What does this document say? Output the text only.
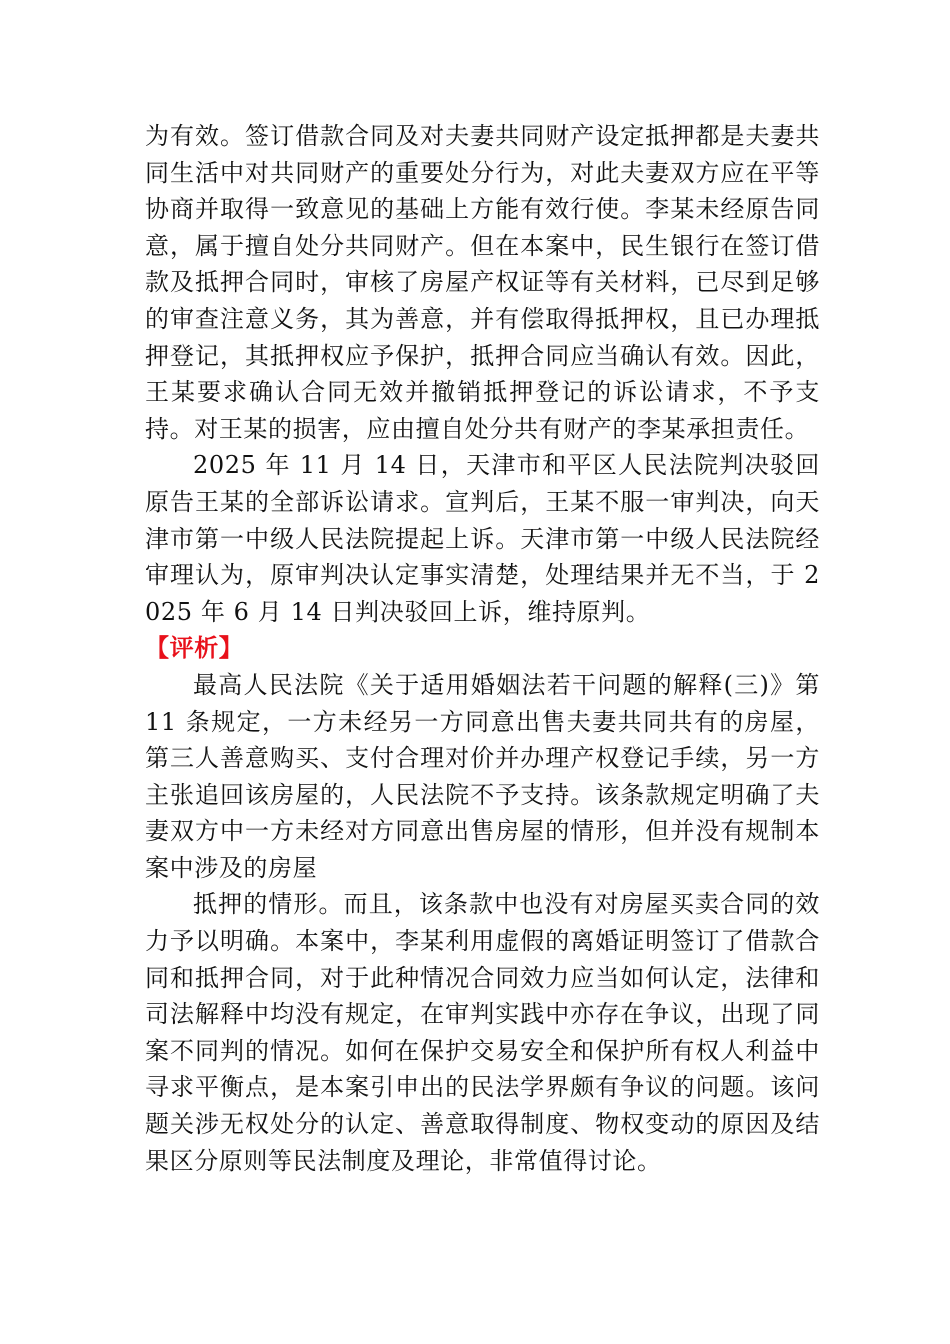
为有效。签订借款合同及对夫妻共同财产设定抵押都是夫妻共同生活中对共同财产的重要处分行为，对此夫妻双方应在平等协商并取得一致意见的基础上方能有效行使。李某未经原告同意，属于擅自处分共同财产。但在本案中，民生银行在签订借款及抵押合同时，审核了房屋产权证等有关材料，已尽到足够的审查注意义务，其为善意，并有偿取得抵押权，且已办理抵押登记，其抵押权应予保护，抵押合同应当确认有效。因此，王某要求确认合同无效并撤销抵押登记的诉讼请求，不予支持。对王某的损害，应由擅自处分共有财产的李某承担责任。

2025 年 11 月 14 日，天津市和平区人民法院判决驳回原告王某的全部诉讼请求。宣判后，王某不服一审判决，向天津市第一中级人民法院提起上诉。天津市第一中级人民法院经审理认为，原审判决认定事实清楚，处理结果并无不当，于 2025 年 6 月 14 日判决驳回上诉，维持原判。

【评析】

最高人民法院《关于适用婚姻法若干问题的解释(三)》第 11 条规定，一方未经另一方同意出售夫妻共同共有的房屋，第三人善意购买、支付合理对价并办理产权登记手续，另一方主张追回该房屋的，人民法院不予支持。该条款规定明确了夫妻双方中一方未经对方同意出售房屋的情形，但并没有规制本案中涉及的房屋

抵押的情形。而且，该条款中也没有对房屋买卖合同的效力予以明确。本案中，李某利用虚假的离婚证明签订了借款合同和抵押合同，对于此种情况合同效力应当如何认定，法律和司法解释中均没有规定，在审判实践中亦存在争议，出现了同案不同判的情况。如何在保护交易安全和保护所有权人利益中寻求平衡点，是本案引申出的民法学界颇有争议的问题。该问题关涉无权处分的认定、善意取得制度、物权变动的原因及结果区分原则等民法制度及理论，非常值得讨论。
